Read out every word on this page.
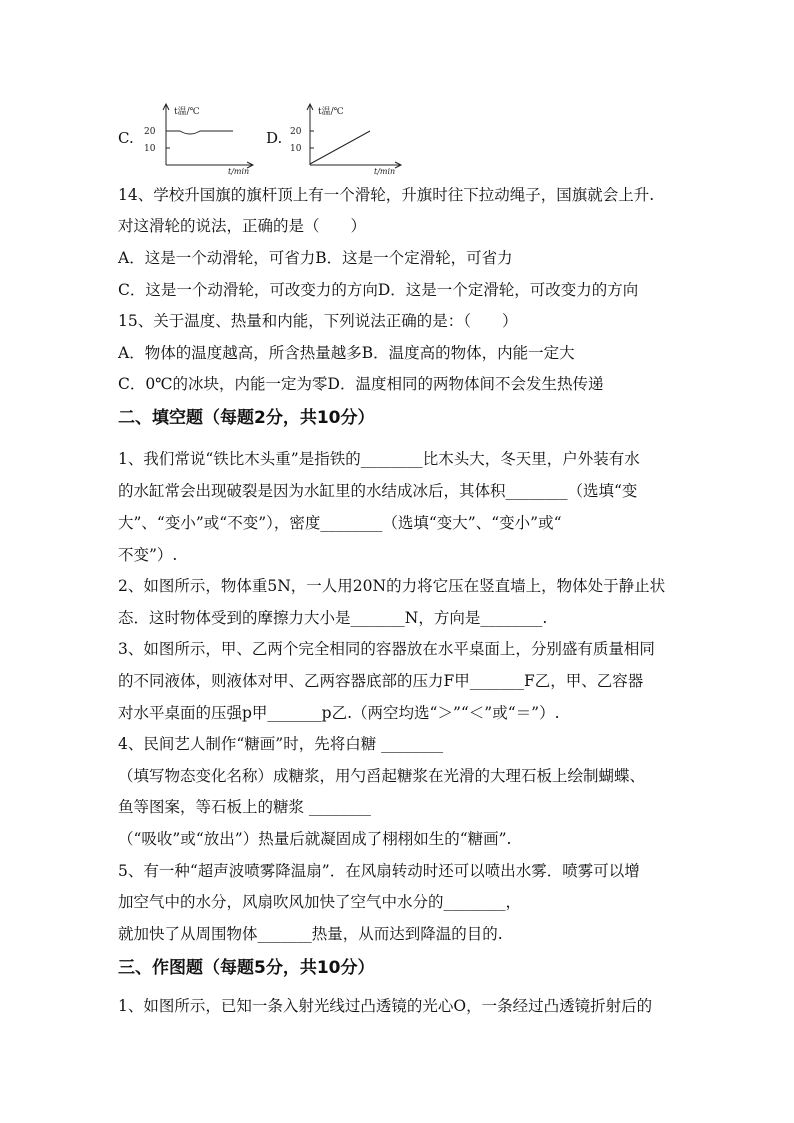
C.
t温/℃
20
10
t/min
D.
t温/℃
20
10
t/min
14、学校升国旗的旗杆顶上有一个滑轮，升旗时往下拉动绳子，国旗就会上升.
对这滑轮的说法，正确的是（　　）
A．这是一个动滑轮，可省力B．这是一个定滑轮，可省力
C．这是一个动滑轮，可改变力的方向D．这是一个定滑轮，可改变力的方向
15、关于温度、热量和内能，下列说法正确的是：（　　）
A．物体的温度越高，所含热量越多B．温度高的物体，内能一定大
C．0℃的冰块，内能一定为零D．温度相同的两物体间不会发生热传递
二、填空题（每题2分，共10分）
1、我们常说“铁比木头重”是指铁的________比木头大，冬天里，户外装有水
的水缸常会出现破裂是因为水缸里的水结成冰后，其体积________（选填“变
大”、“变小”或“不变”），密度________（选填“变大”、“变小”或“
不变”）.
2、如图所示，物体重5N，一人用20N的力将它压在竖直墙上，物体处于静止状
态．这时物体受到的摩擦力大小是_______N，方向是________.
3、如图所示，甲、乙两个完全相同的容器放在水平桌面上，分别盛有质量相同
的不同液体，则液体对甲、乙两容器底部的压力F甲_______F乙，甲、乙容器
对水平桌面的压强p甲_______p乙.（两空均选“＞”“＜”或“＝”）.
4、民间艺人制作“糖画”时，先将白糖 ________
（填写物态变化名称）成糖浆，用勺舀起糖浆在光滑的大理石板上绘制蝴蝶、
鱼等图案，等石板上的糖浆 ________
（“吸收”或“放出”）热量后就凝固成了栩栩如生的“糖画”.
5、有一种“超声波喷雾降温扇”．在风扇转动时还可以喷出水雾．喷雾可以增
加空气中的水分，风扇吹风加快了空气中水分的________，
就加快了从周围物体_______热量，从而达到降温的目的.
三、作图题（每题5分，共10分）
1、如图所示，已知一条入射光线过凸透镜的光心O，一条经过凸透镜折射后的
